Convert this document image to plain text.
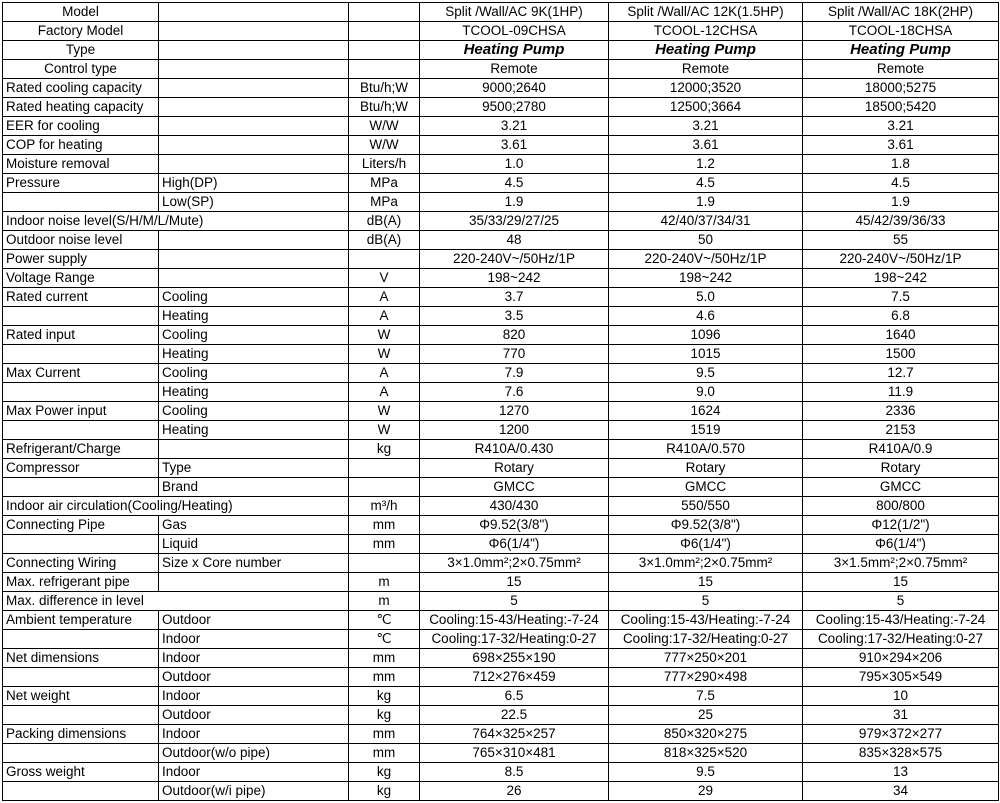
Model			Split /Wall/AC 9K(1HP)	Split /Wall/AC 12K(1.5HP)	Split /Wall/AC 18K(2HP)
Factory Model			TCOOL-09CHSA	TCOOL-12CHSA	TCOOL-18CHSA
Type			Heating Pump	Heating Pump	Heating Pump
Control type			Remote	Remote	Remote
Rated cooling capacity		Btu/h;W	9000;2640	12000;3520	18000;5275
Rated heating capacity		Btu/h;W	9500;2780	12500;3664	18500;5420
EER for cooling		W/W	3.21	3.21	3.21
COP for heating		W/W	3.61	3.61	3.61
Moisture removal		Liters/h	1.0	1.2	1.8
Pressure	High(DP)	MPa	4.5	4.5	4.5
	Low(SP)	MPa	1.9	1.9	1.9
Indoor noise level(S/H/M/L/Mute)		dB(A)	35/33/29/27/25	42/40/37/34/31	45/42/39/36/33
Outdoor noise level		dB(A)	48	50	55
Power supply			220-240V~/50Hz/1P	220-240V~/50Hz/1P	220-240V~/50Hz/1P
Voltage Range		V	198~242	198~242	198~242
Rated current	Cooling	A	3.7	5.0	7.5
	Heating	A	3.5	4.6	6.8
Rated input	Cooling	W	820	1096	1640
	Heating	W	770	1015	1500
Max Current	Cooling	A	7.9	9.5	12.7
	Heating	A	7.6	9.0	11.9
Max Power input	Cooling	W	1270	1624	2336
	Heating	W	1200	1519	2153
Refrigerant/Charge		kg	R410A/0.430	R410A/0.570	R410A/0.9
Compressor	Type		Rotary	Rotary	Rotary
	Brand		GMCC	GMCC	GMCC
Indoor air circulation(Cooling/Heating)		m³/h	430/430	550/550	800/800
Connecting Pipe	Gas	mm	Φ9.52(3/8")	Φ9.52(3/8")	Φ12(1/2")
	Liquid	mm	Φ6(1/4")	Φ6(1/4")	Φ6(1/4")
Connecting Wiring	Size x Core number		3×1.0mm²;2×0.75mm²	3×1.0mm²;2×0.75mm²	3×1.5mm²;2×0.75mm²
Max. refrigerant pipe		m	15	15	15
Max. difference in level		m	5	5	5
Ambient temperature	Outdoor	℃	Cooling:15-43/Heating:-7-24	Cooling:15-43/Heating:-7-24	Cooling:15-43/Heating:-7-24
	Indoor	℃	Cooling:17-32/Heating:0-27	Cooling:17-32/Heating:0-27	Cooling:17-32/Heating:0-27
Net dimensions	Indoor	mm	698×255×190	777×250×201	910×294×206
	Outdoor	mm	712×276×459	777×290×498	795×305×549
Net weight	Indoor	kg	6.5	7.5	10
	Outdoor	kg	22.5	25	31
Packing dimensions	Indoor	mm	764×325×257	850×320×275	979×372×277
	Outdoor(w/o pipe)	mm	765×310×481	818×325×520	835×328×575
Gross weight	Indoor	kg	8.5	9.5	13
	Outdoor(w/i pipe)	kg	26	29	34
